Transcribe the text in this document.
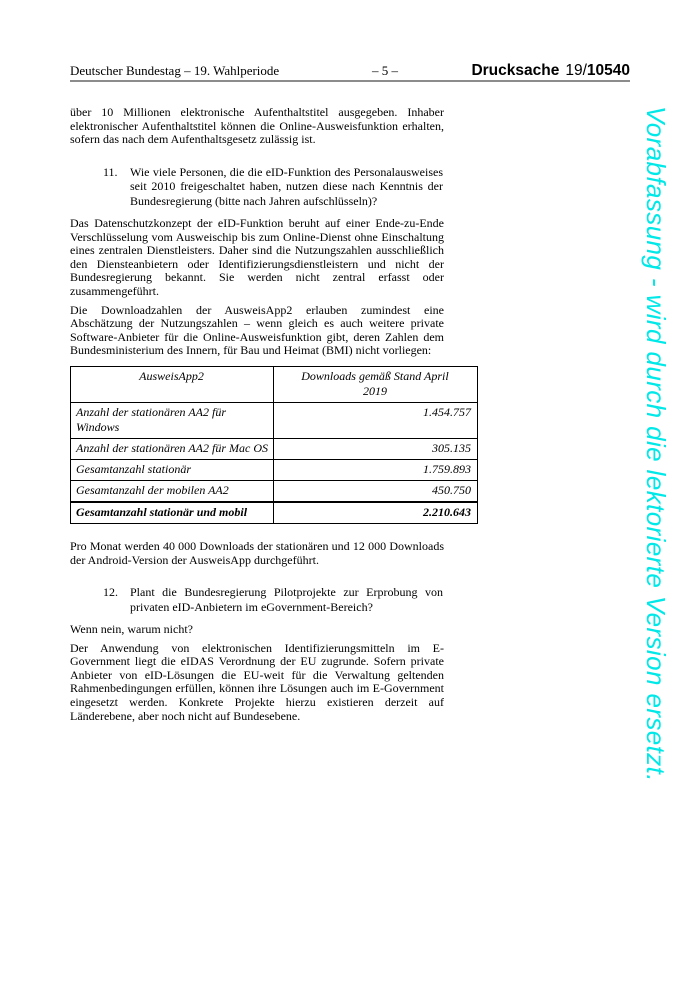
Deutscher Bundestag – 19. Wahlperiode	– 5 –	Drucksache 19/10540

über 10 Millionen elektronische Aufenthaltstitel ausgegeben. Inhaber elektronischer Aufenthaltstitel können die Online-Ausweisfunktion erhalten, sofern das nach dem Aufenthaltsgesetz zulässig ist.

11.	Wie viele Personen, die die eID-Funktion des Personalausweises seit 2010 freigeschaltet haben, nutzen diese nach Kenntnis der Bundesregierung (bitte nach Jahren aufschlüsseln)?

Das Datenschutzkonzept der eID-Funktion beruht auf einer Ende-zu-Ende Verschlüsselung vom Ausweischip bis zum Online-Dienst ohne Einschaltung eines zentralen Dienstleisters. Daher sind die Nutzungszahlen ausschließlich den Diensteanbietern oder Identifizierungsdienstleistern und nicht der Bundesregierung bekannt. Sie werden nicht zentral erfasst oder zusammengeführt.

Die Downloadzahlen der AusweisApp2 erlauben zumindest eine Abschätzung der Nutzungszahlen – wenn gleich es auch weitere private Software-Anbieter für die Online-Ausweisfunktion gibt, deren Zahlen dem Bundesministerium des Innern, für Bau und Heimat (BMI) nicht vorliegen:

AusweisApp2	Downloads gemäß Stand April 2019

Anzahl der stationären AA2 für Windows	1.454.757
Anzahl der stationären AA2 für Mac OS	305.135
Gesamtanzahl stationär	1.759.893
Gesamtanzahl der mobilen AA2	450.750
Gesamtanzahl stationär und mobil	2.210.643

Pro Monat werden 40 000 Downloads der stationären und 12 000 Downloads der Android-Version der AusweisApp durchgeführt.

12.	Plant die Bundesregierung Pilotprojekte zur Erprobung von privaten eID-Anbietern im eGovernment-Bereich?

Wenn nein, warum nicht?

Der Anwendung von elektronischen Identifizierungsmitteln im E-Government liegt die eIDAS Verordnung der EU zugrunde. Sofern private Anbieter von eID-Lösungen die EU-weit für die Verwaltung geltenden Rahmenbedingungen erfüllen, können ihre Lösungen auch im E-Government eingesetzt werden. Konkrete Projekte hierzu existieren derzeit auf Länderebene, aber noch nicht auf Bundesebene.	Vorabfassung - wird durch die lektorierte Version ersetzt.
